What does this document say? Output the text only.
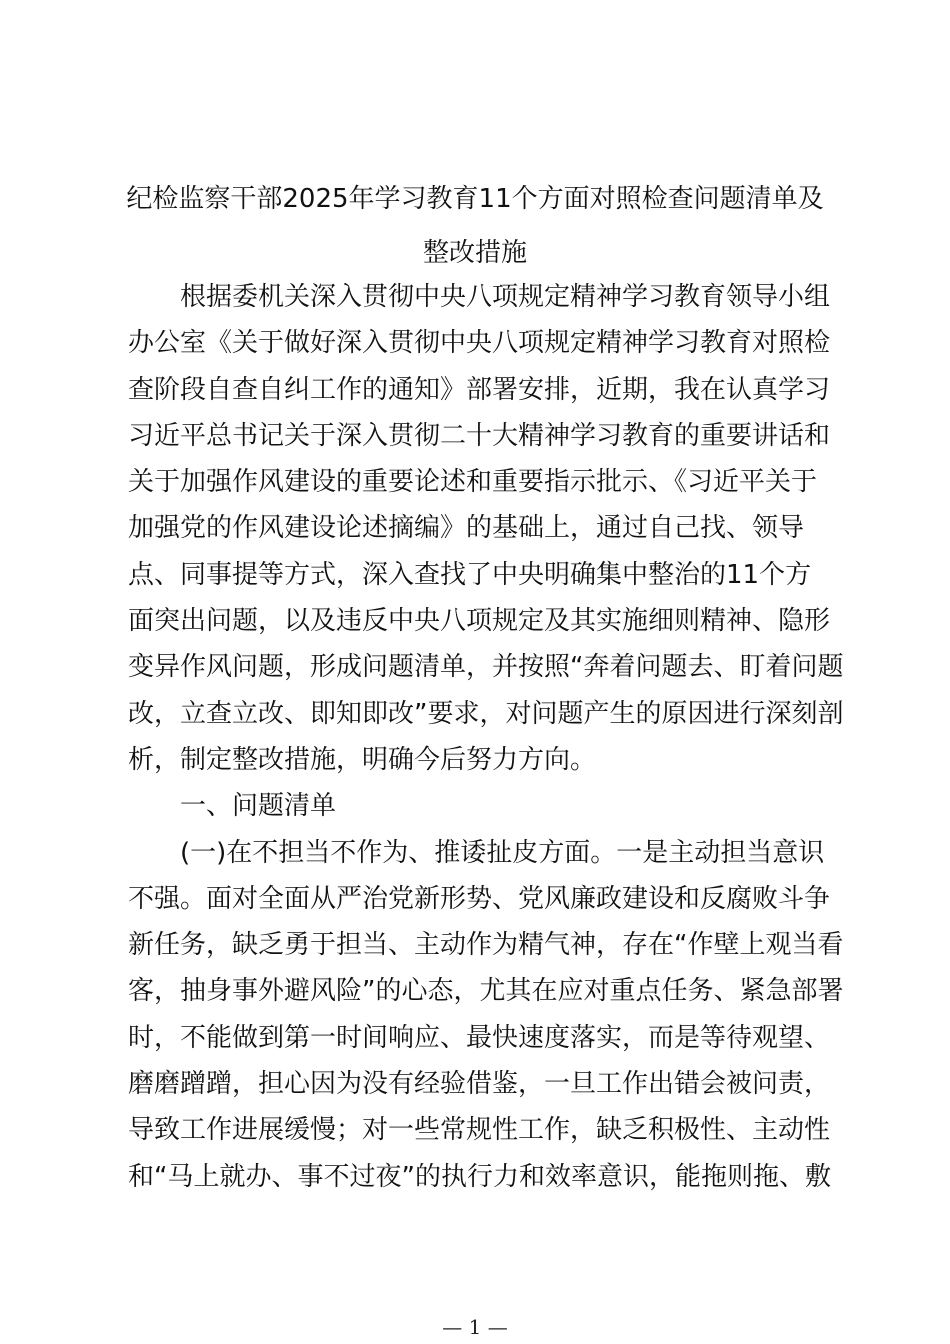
纪检监察干部2025年学习教育11个方面对照检查问题清单及
整改措施
根据委机关深入贯彻中央八项规定精神学习教育领导小组
办公室《关于做好深入贯彻中央八项规定精神学习教育对照检
查阶段自查自纠工作的通知》部署安排，近期，我在认真学习
习近平总书记关于深入贯彻二十大精神学习教育的重要讲话和
关于加强作风建设的重要论述和重要指示批示、《习近平关于
加强党的作风建设论述摘编》的基础上，通过自己找、领导
点、同事提等方式，深入查找了中央明确集中整治的11个方
面突出问题，以及违反中央八项规定及其实施细则精神、隐形
变异作风问题，形成问题清单，并按照“奔着问题去、盯着问题
改，立查立改、即知即改”要求，对问题产生的原因进行深刻剖
析，制定整改措施，明确今后努力方向。
一、问题清单
(一)在不担当不作为、推诿扯皮方面。一是主动担当意识
不强。面对全面从严治党新形势、党风廉政建设和反腐败斗争
新任务，缺乏勇于担当、主动作为精气神，存在“作壁上观当看
客，抽身事外避风险”的心态，尤其在应对重点任务、紧急部署
时，不能做到第一时间响应、最快速度落实，而是等待观望、
磨磨蹭蹭，担心因为没有经验借鉴，一旦工作出错会被问责，
导致工作进展缓慢；对一些常规性工作，缺乏积极性、主动性
和“马上就办、事不过夜”的执行力和效率意识，能拖则拖、敷
— 1 —
